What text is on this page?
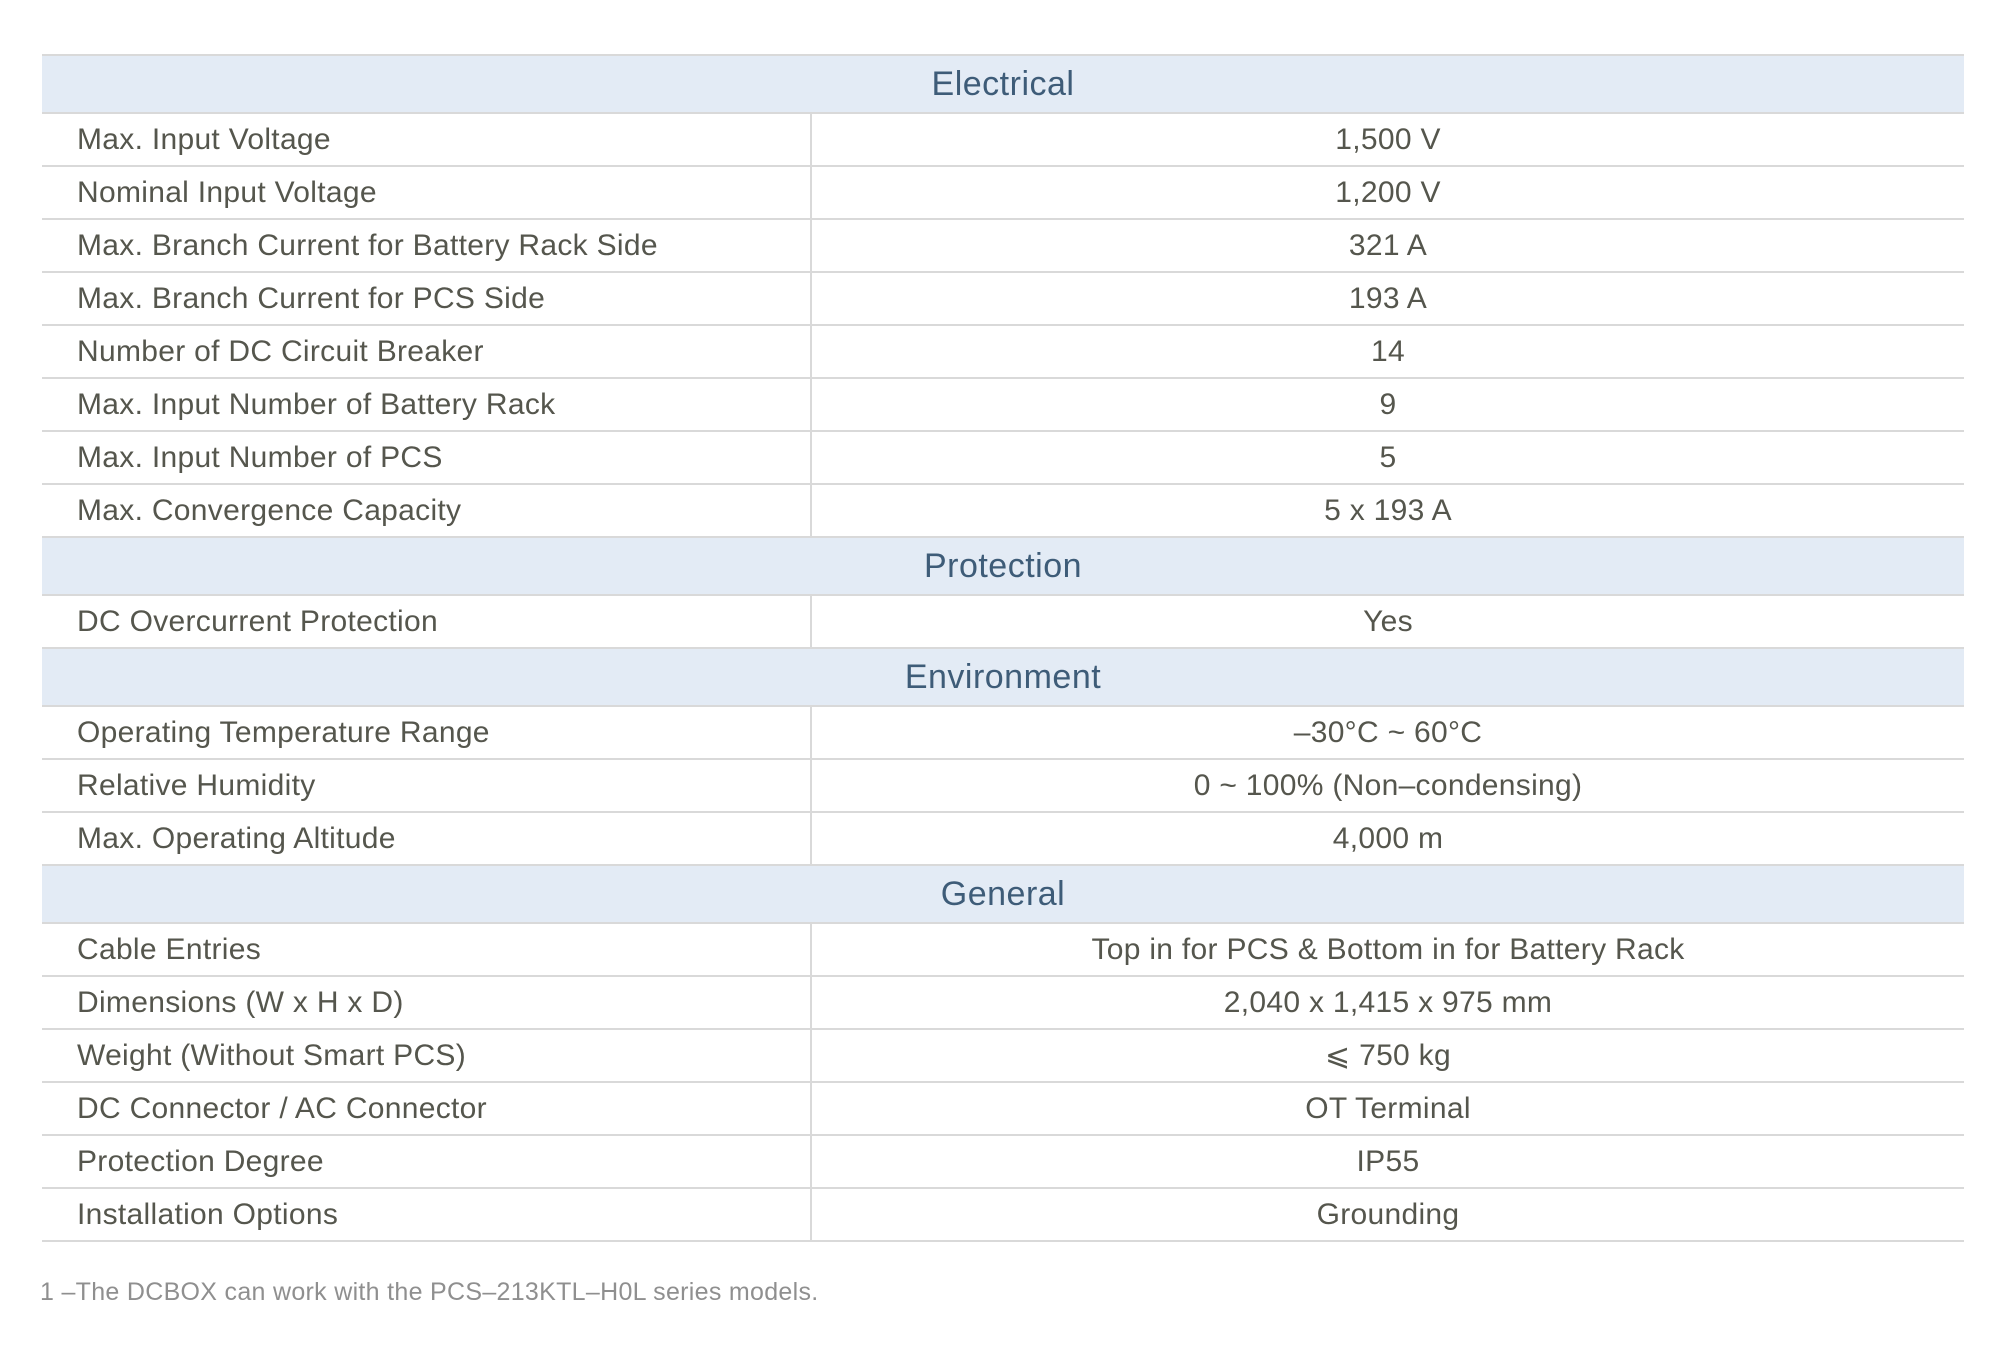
Electrical
Max. Input Voltage	1,500 V
Nominal Input Voltage	1,200 V
Max. Branch Current for Battery Rack Side	321 A
Max. Branch Current for PCS Side	193 A
Number of DC Circuit Breaker	14
Max. Input Number of Battery Rack	9
Max. Input Number of PCS	5
Max. Convergence Capacity	5 x 193 A
Protection
DC Overcurrent Protection	Yes
Environment
Operating Temperature Range	–30°C ~ 60°C
Relative Humidity	0 ~ 100% (Non–condensing)
Max. Operating Altitude	4,000 m
General
Cable Entries	Top in for PCS & Bottom in for Battery Rack
Dimensions (W x H x D)	2,040 x 1,415 x 975 mm
Weight (Without Smart PCS)	⩽ 750 kg
DC Connector / AC Connector	OT Terminal
Protection Degree	IP55
Installation Options	Grounding
1 –The DCBOX can work with the PCS–213KTL–H0L series models.
